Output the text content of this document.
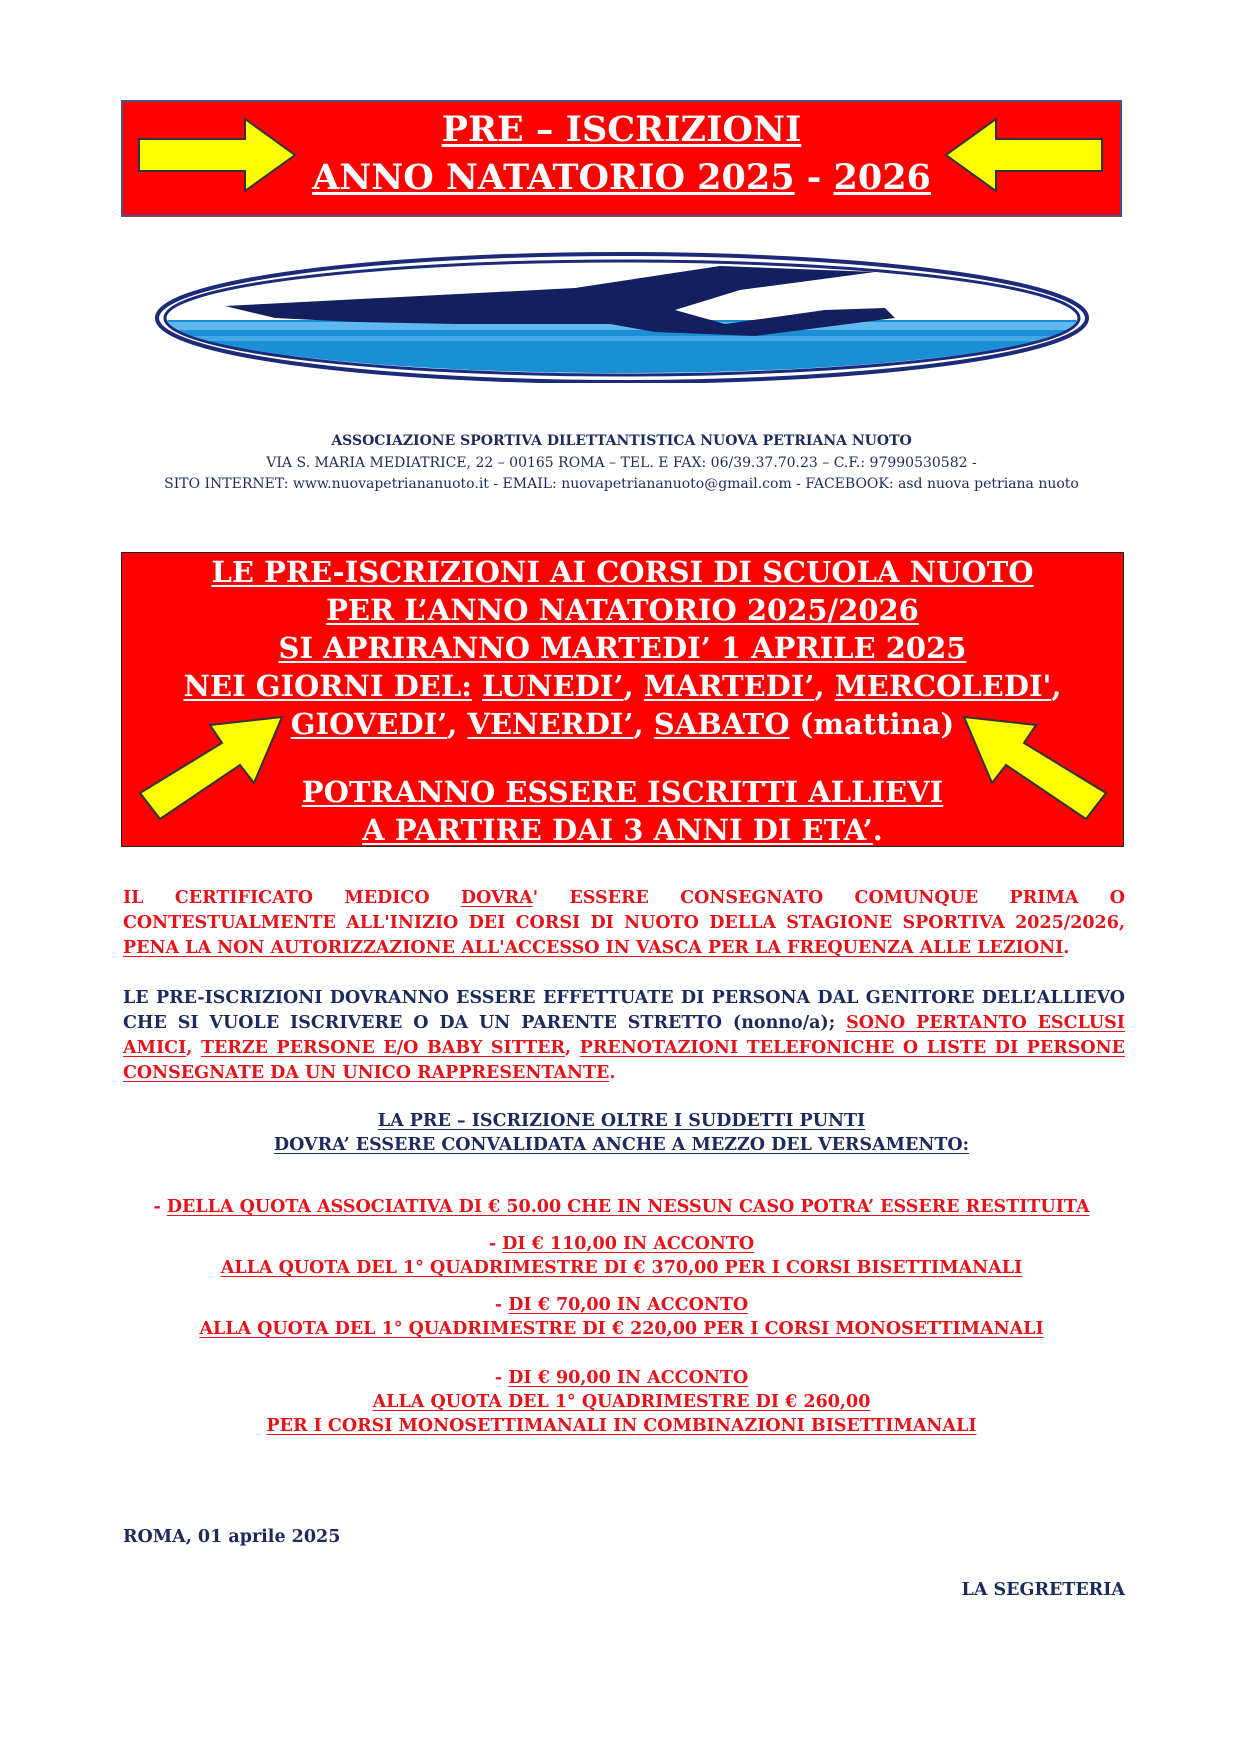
PRE – ISCRIZIONI
ANNO NATATORIO 2025 - 2026
ASSOCIAZIONE SPORTIVA DILETTANTISTICA NUOVA PETRIANA NUOTO
VIA S. MARIA MEDIATRICE, 22 – 00165 ROMA – TEL. E FAX: 06/39.37.70.23 – C.F.: 97990530582 -
SITO INTERNET: www.nuovapetriananuoto.it - EMAIL: nuovapetriananuoto@gmail.com - FACEBOOK: asd nuova petriana nuoto
LE PRE-ISCRIZIONI AI CORSI DI SCUOLA NUOTO
PER L’ANNO NATATORIO 2025/2026
SI APRIRANNO MARTEDI’ 1 APRILE 2025
NEI GIORNI DEL: LUNEDI’, MARTEDI’, MERCOLEDI',
GIOVEDI’, VENERDI’, SABATO (mattina)
POTRANNO ESSERE ISCRITTI ALLIEVI
A PARTIRE DAI 3 ANNI DI ETA’.
IL CERTIFICATO MEDICO DOVRA' ESSERE CONSEGNATO COMUNQUE PRIMA O CONTESTUALMENTE ALL'INIZIO DEI CORSI DI NUOTO DELLA STAGIONE SPORTIVA 2025/2026, PENA LA NON AUTORIZZAZIONE ALL'ACCESSO IN VASCA PER LA FREQUENZA ALLE LEZIONI.
LE PRE-ISCRIZIONI DOVRANNO ESSERE EFFETTUATE DI PERSONA DAL GENITORE DELL’ALLIEVO CHE SI VUOLE ISCRIVERE O DA UN PARENTE STRETTO (nonno/a); SONO PERTANTO ESCLUSI AMICI, TERZE PERSONE E/O BABY SITTER, PRENOTAZIONI TELEFONICHE O LISTE DI PERSONE CONSEGNATE DA UN UNICO RAPPRESENTANTE.
LA PRE – ISCRIZIONE OLTRE I SUDDETTI PUNTI
DOVRA’ ESSERE CONVALIDATA ANCHE A MEZZO DEL VERSAMENTO:
- DELLA QUOTA ASSOCIATIVA DI € 50.00 CHE IN NESSUN CASO POTRA’ ESSERE RESTITUITA
- DI € 110,00 IN ACCONTO
ALLA QUOTA DEL 1° QUADRIMESTRE DI € 370,00 PER I CORSI BISETTIMANALI
- DI € 70,00 IN ACCONTO
ALLA QUOTA DEL 1° QUADRIMESTRE DI € 220,00 PER I CORSI MONOSETTIMANALI
- DI € 90,00 IN ACCONTO
ALLA QUOTA DEL 1° QUADRIMESTRE DI € 260,00
PER I CORSI MONOSETTIMANALI IN COMBINAZIONI BISETTIMANALI
ROMA, 01 aprile 2025
LA SEGRETERIA
